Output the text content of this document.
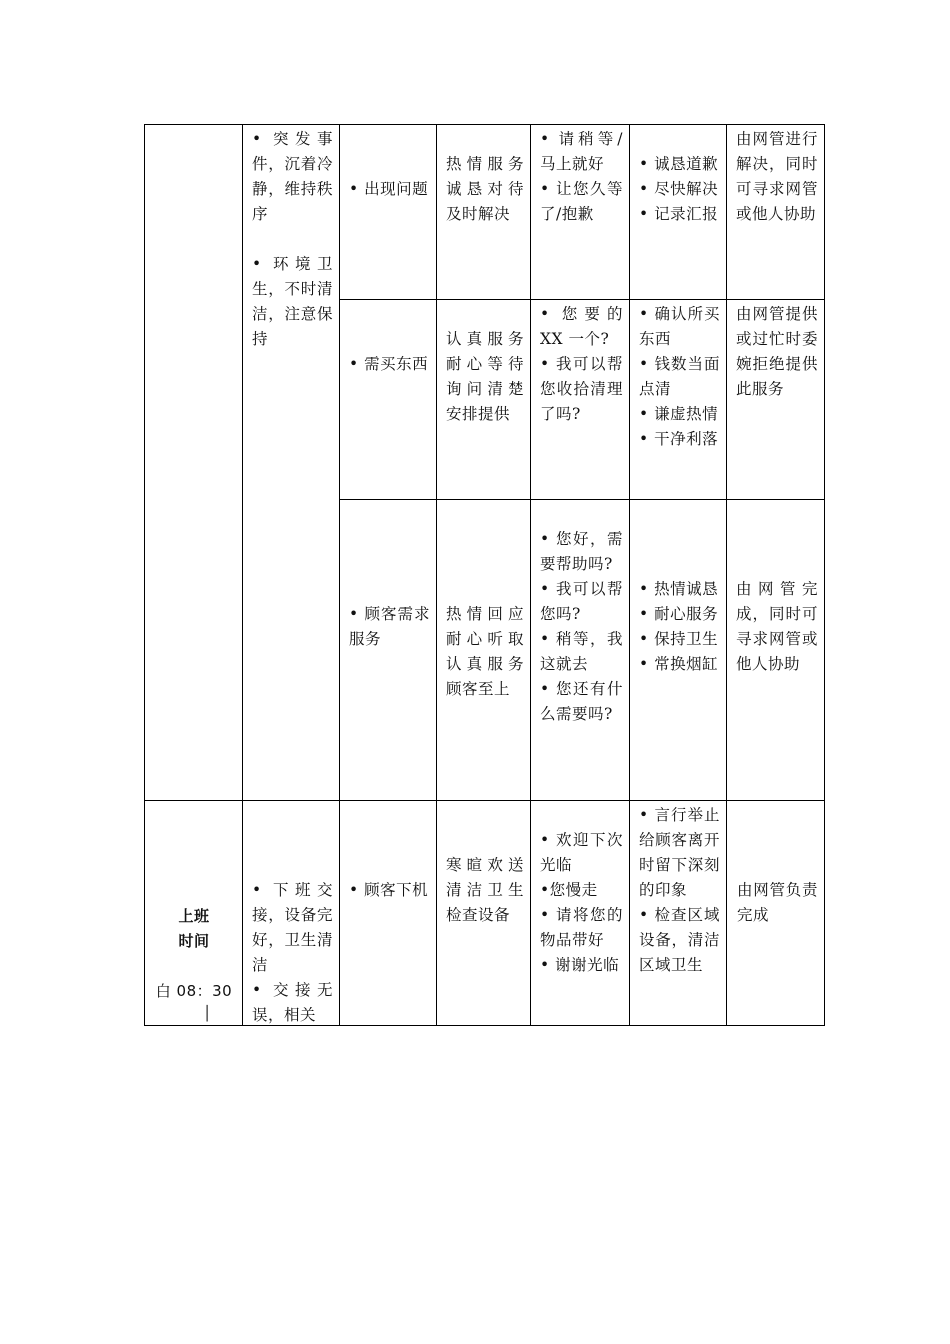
上班
时间
白 08：30
│
• 突发事件，沉着冷静，维持秩序
• 环境卫生，不时清洁，注意保持
• 下班交接，设备完好，卫生清洁
• 交接无误，相关
• 出现问题
热情服务诚恳对待及时解决
• 请稍等/马上就好
• 让您久等了/抱歉
• 诚恳道歉
• 尽快解决
• 记录汇报
由网管进行解决，同时可寻求网管或他人协助
• 需买东西
认真服务耐心等待询问清楚安排提供
• 您要的 XX 一个?
• 我可以帮您收拾清理了吗?
• 确认所买东西
• 钱数当面点清
• 谦虚热情
• 干净利落
由网管提供或过忙时委婉拒绝提供此服务
• 顾客需求服务
热情回应耐心听取认真服务顾客至上
• 您好，需要帮助吗?
• 我可以帮您吗?
• 稍等，我这就去
• 您还有什么需要吗?
• 热情诚恳
• 耐心服务
• 保持卫生
• 常换烟缸
由网管完成，同时可寻求网管或他人协助
• 顾客下机
寒暄欢送清洁卫生检查设备
• 欢迎下次光临
•您慢走
• 请将您的物品带好
• 谢谢光临
• 言行举止给顾客离开时留下深刻的印象
• 检查区域设备，清洁区域卫生
由网管负责完成
